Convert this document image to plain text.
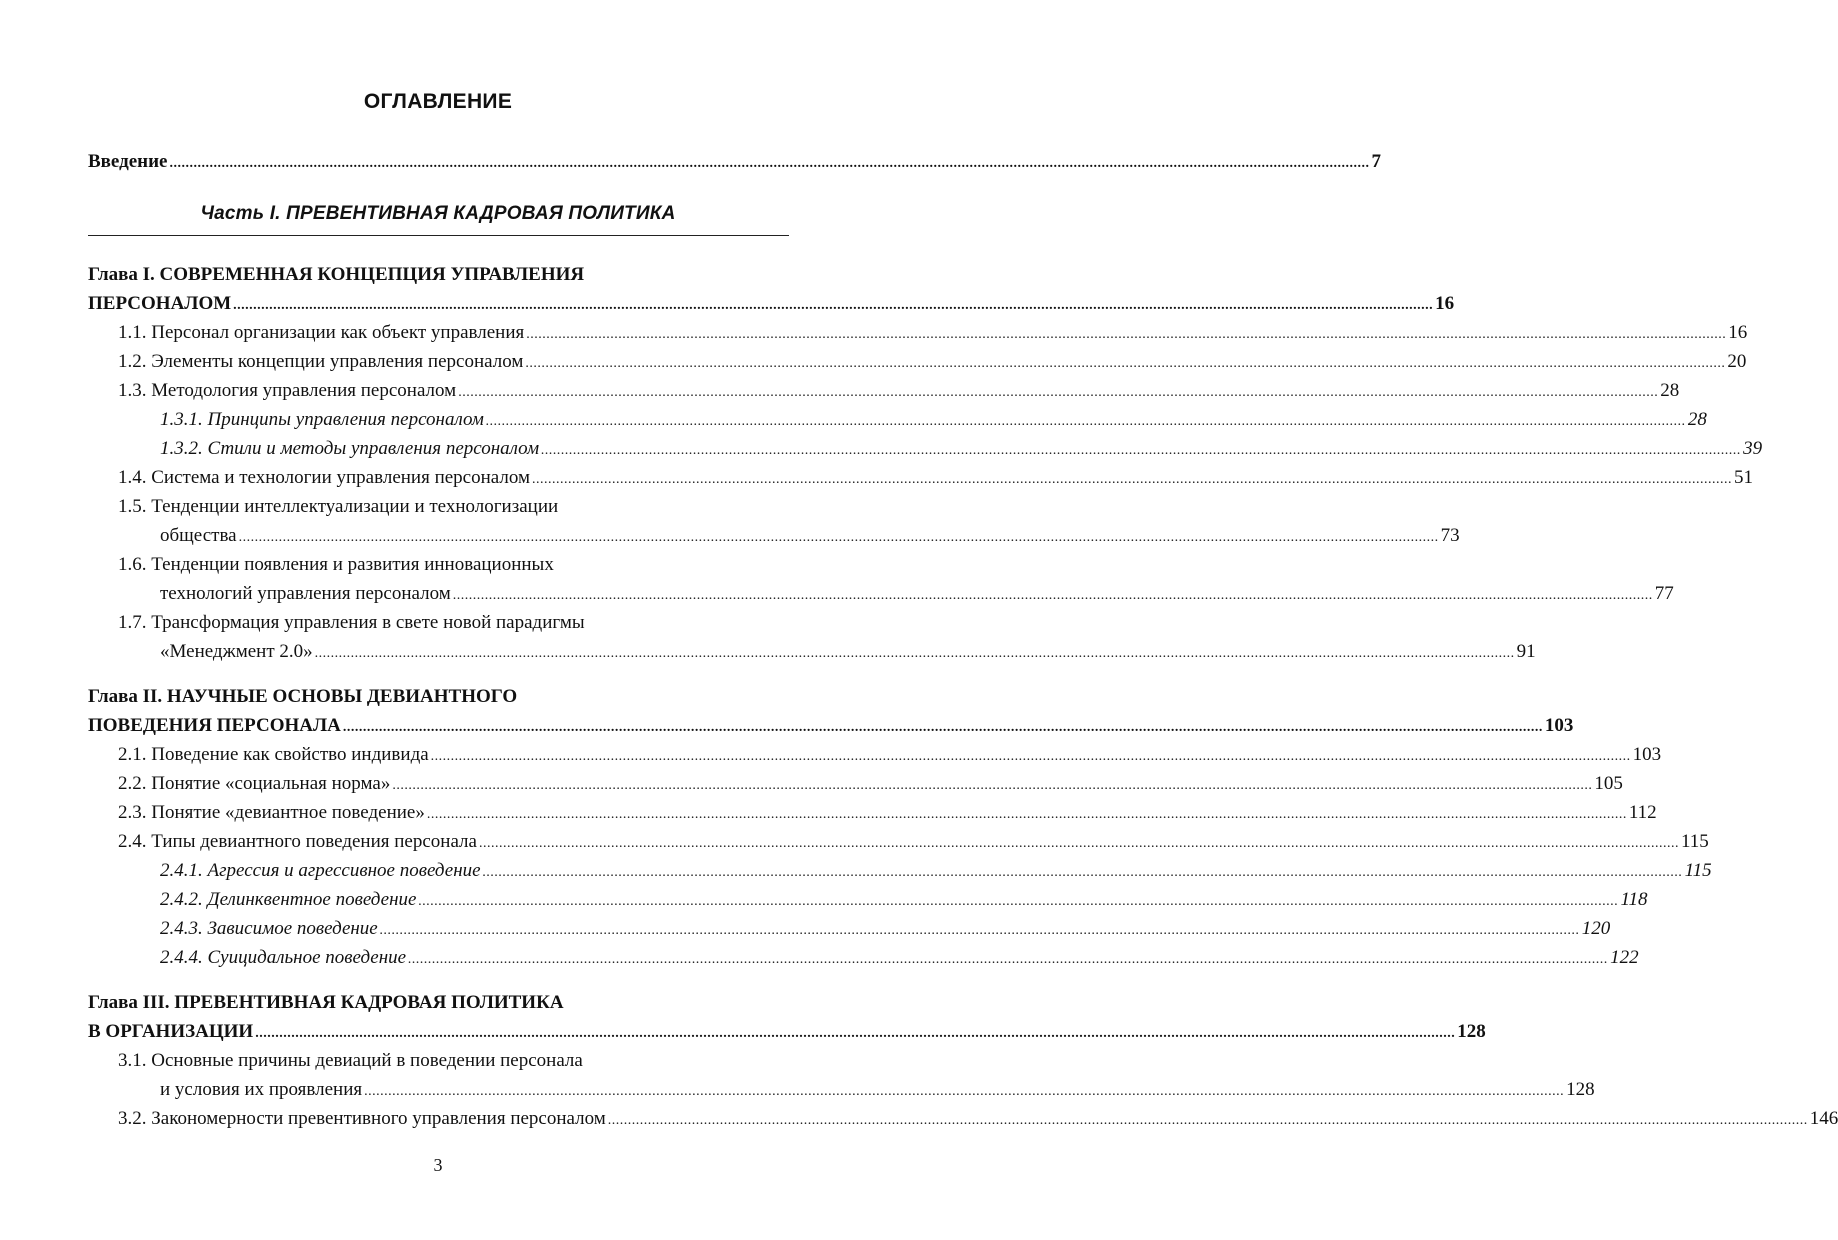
ОГЛАВЛЕНИЕ
Введение ............................................................................................................................................................................................................................................................................................................ 7
Часть I. ПРЕВЕНТИВНАЯ КАДРОВАЯ ПОЛИТИКА
Глава I. СОВРЕМЕННАЯ КОНЦЕПЦИЯ УПРАВЛЕНИЯ
ПЕРСОНАЛОМ ............................................................................................................................................................................................................................................................................................................ 16
1.1. Персонал организации как объект управления ............................................................................................................................................................................................................................................................................................................ 16
1.2. Элементы концепции управления персоналом ............................................................................................................................................................................................................................................................................................................ 20
1.3. Методология управления персоналом ............................................................................................................................................................................................................................................................................................................ 28
1.3.1. Принципы управления персоналом ............................................................................................................................................................................................................................................................................................................ 28
1.3.2. Стили и методы управления персоналом ............................................................................................................................................................................................................................................................................................................ 39
1.4. Система и технологии управления персоналом ............................................................................................................................................................................................................................................................................................................ 51
1.5. Тенденции интеллектуализации и технологизации
общества ............................................................................................................................................................................................................................................................................................................ 73
1.6. Тенденции появления и развития инновационных
технологий управления персоналом ............................................................................................................................................................................................................................................................................................................ 77
1.7. Трансформация управления в свете новой парадигмы
«Менеджмент 2.0» ............................................................................................................................................................................................................................................................................................................ 91
Глава II. НАУЧНЫЕ ОСНОВЫ ДЕВИАНТНОГО
ПОВЕДЕНИЯ ПЕРСОНАЛА ............................................................................................................................................................................................................................................................................................................ 103
2.1. Поведение как свойство индивида ............................................................................................................................................................................................................................................................................................................ 103
2.2. Понятие «социальная норма» ............................................................................................................................................................................................................................................................................................................ 105
2.3. Понятие «девиантное поведение» ............................................................................................................................................................................................................................................................................................................ 112
2.4. Типы девиантного поведения персонала ............................................................................................................................................................................................................................................................................................................ 115
2.4.1. Агрессия и агрессивное поведение ............................................................................................................................................................................................................................................................................................................ 115
2.4.2. Делинквентное поведение ............................................................................................................................................................................................................................................................................................................ 118
2.4.3. Зависимое поведение ............................................................................................................................................................................................................................................................................................................ 120
2.4.4. Суицидальное поведение ............................................................................................................................................................................................................................................................................................................ 122
Глава III. ПРЕВЕНТИВНАЯ КАДРОВАЯ ПОЛИТИКА
В ОРГАНИЗАЦИИ ............................................................................................................................................................................................................................................................................................................ 128
3.1. Основные причины девиаций в поведении персонала
и условия их проявления ............................................................................................................................................................................................................................................................................................................ 128
3.2. Закономерности превентивного управления персоналом ............................................................................................................................................................................................................................................................................................................ 146
3
